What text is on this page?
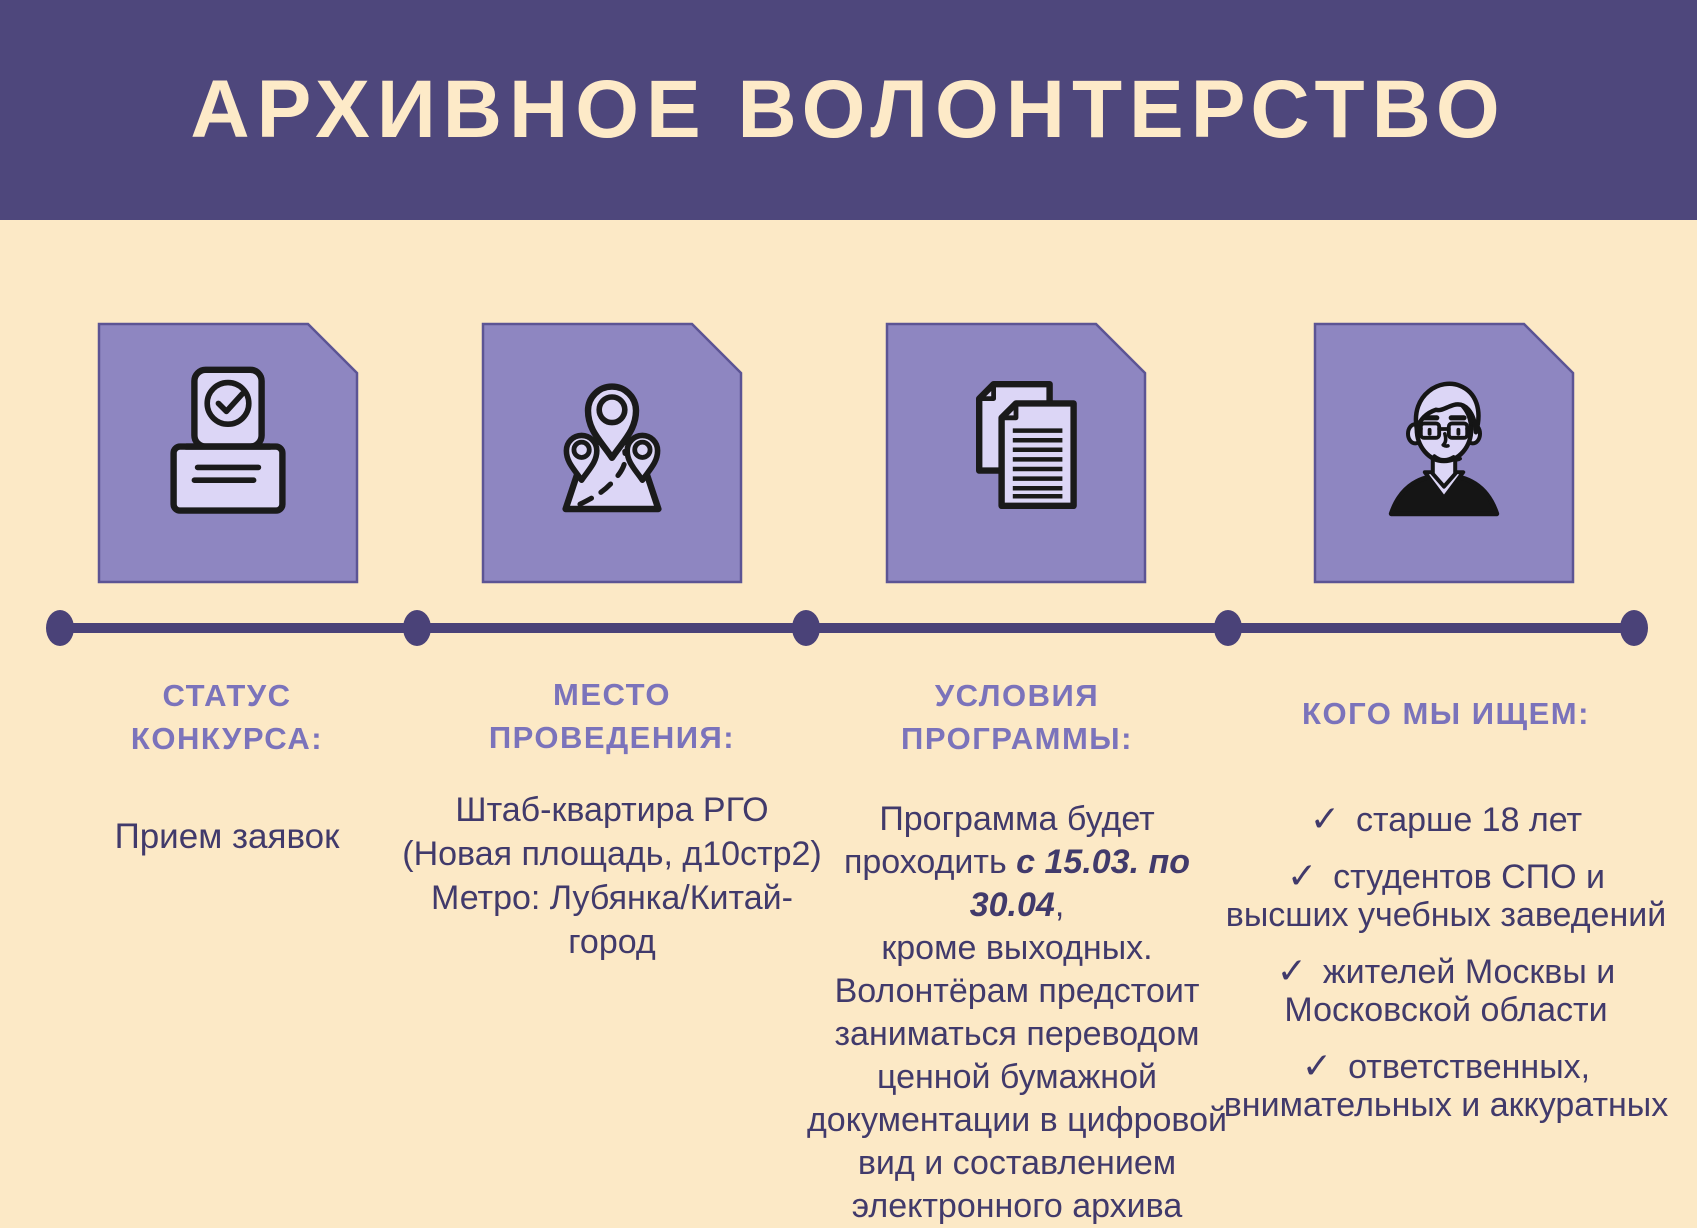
АРХИВНОЕ ВОЛОНТЕРСТВО
СТАТУС КОНКУРСА:

Прием заявок

МЕСТО ПРОВЕДЕНИЯ:
Штаб-квартира РГО
(Новая площадь, д10стр2)
Метро: Лубянка/Китай-
город
УСЛОВИЯ ПРОГРАММЫ:
Программа будет
проходить с 15.03. по 30.04,
кроме выходных.
Волонтёрам предстоит
заниматься переводом
ценной бумажной
документации в цифровой
вид и составлением
электронного архива
КОГО МЫ ИЩЕМ:
✓ старше 18 лет
✓ студентов СПО и
высших учебных заведений
✓ жителей Москвы и
Московской области
✓ ответственных,
внимательных и аккуратных
